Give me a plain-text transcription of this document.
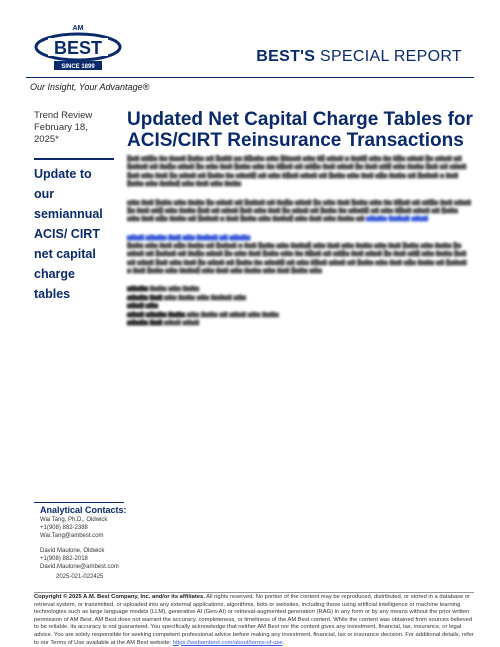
AM
BEST
SINCE 1899
BEST'S SPECIAL REPORT
Our Insight, Your Advantage®
Trend Review
February 18, 2025*
Update to our semiannual ACIS/ CIRT net capital charge tables
Updated Net Capital Charge Tables for ACIS/CIRT Reinsurance Transactions
█▆▇ ▆▇█▆ ▇▆ ▇▆▆▇ █▆▇▆ ▆▇ █▆▇▇ ▆▆ ▇█▆▇▆ ▆▇▆ █▇▆▆▇ ▆▇▆ ▇█ ▆▇▆▇ ▆ ▇▆▇█ ▆▇▆ ▇▆ ▇█▆ ▆▇▆▇ █▆ ▆▇▆▇ ▆▇ █▆▇▆▇ ▆▇ ▇▆█▆ ▆▇▆▇ █▆ ▆▇▆ ▇▆▇ █▆▇▆ ▆▇▆ ▇▆ ▇█▆▇ ▆▇ ▆▇█▆ ▇▆▇ ▆▇▆▇ █▆ ▇▆▇ ▆▇█ ▆▇▆ ▇▆▇▆ █▆▇ ▆▇ ▆▇▆▇ █▆▇ ▆▇▆ ▇▆▇ █▆ ▆▇▆▇ ▆▇ █▆▇▆ ▇▆ ▆▇▆▇█ ▆▇ ▆▇▆ ▇█▆▇ ▆▇▆▇ ▆▇ █▆▇▆ ▆▇▆ ▇▆▇ ▆█▆ ▇▆▇▆ ▆▇ █▆▇▆▇ ▆ ▇▆▇ █▆▇▆ ▆▇▆ ▇▆▇▆█ ▆▇▆ ▇▆▇ ▆▇▆ ▇▆▇▆
▆▇▆ ▇▆▇ █▆▇▆ ▆▇▆ ▇▆▇▆ █▆ ▆▇▆▇ ▆▇ █▆▇▆▇ ▆▇ ▇▆█▆ ▆▇▆▇ █▆ ▆▇▆ ▇▆▇ █▆▇▆ ▆▇▆ ▇▆ ▇█▆▇ ▆▇ ▆▇█▆ ▇▆▇ ▆▇▆▇ █▆ ▇▆▇ ▆▇█ ▆▇▆ ▇▆▇▆ █▆▇ ▆▇ ▆▇▆▇ █▆▇ ▆▇▆ ▇▆▇ █▆ ▆▇▆▇ ▆▇ █▆▇▆ ▇▆ ▆▇▆▇█ ▆▇ ▆▇▆ ▇█▆▇ ▆▇▆▇ ▆▇ █▆▇▆ ▆▇▆ ▇▆▇ ▆█▆ ▇▆▇▆ ▆▇ █▆▇▆▇ ▆ ▇▆▇ █▆▇▆ ▆▇▆ ▇▆▇▆█ ▆▇▆ ▇▆▇ ▆▇▆ ▇▆▇▆ ▆▇ ▆▇▆▇▆ ▇▆▇▆▇ ▆▇▆▇
▆▇▆▇ ▆▇▆▇▆ ▇▆▇ ▆▇▆ ▇▆▇▆▇ ▆▇ ▆▇▆▇▆
█▆▇▆ ▆▇▆ ▇▆▇ ▆█▆ ▇▆▇▆ ▆▇ █▆▇▆▇ ▆ ▇▆▇ █▆▇▆ ▆▇▆ ▇▆▇▆█ ▆▇▆ ▇▆▇ ▆▇▆ ▇▆▇▆ ▆▇▆ ▇▆▇ █▆▇▆ ▆▇▆ ▇▆▇▆ █▆ ▆▇▆▇ ▆▇ █▆▇▆▇ ▆▇ ▇▆█▆ ▆▇▆▇ █▆ ▆▇▆ ▇▆▇ █▆▇▆ ▆▇▆ ▇▆ ▇█▆▇ ▆▇ ▆▇█▆ ▇▆▇ ▆▇▆▇ █▆ ▇▆▇ ▆▇█ ▆▇▆ ▇▆▇▆ █▆▇ ▆▇ ▆▇▆▇ █▆▇ ▆▇▆ ▇▆▇ █▆ ▆▇▆▇ ▆▇ █▆▇▆ ▇▆ ▆▇▆▇█ ▆▇ ▆▇▆ ▇█▆▇ ▆▇▆▇ ▆▇ █▆▇▆ ▆▇▆ ▇▆▇ ▆█▆ ▇▆▇▆ ▆▇ █▆▇▆▇ ▆ ▇▆▇ █▆▇▆ ▆▇▆ ▇▆▇▆█ ▆▇▆ ▇▆▇ ▆▇▆ ▇▆▇▆ ▆▇▆ ▇▆▇ █▆▇▆ ▆▇▆
▆▇▆▇▆ ▇▆▇▆ ▆▇▆ ▇▆▇▆
▆▇▆▇▆ ▇▆▇ ▆▇▆ ▇▆▇▆ ▆▇▆ ▇▆▇▆▇ ▆▇▆
▆▇▆▇ ▆▇▆
▆▇▆▇ ▆▇▆▇▆ ▇▆▇▆ ▆▇▆ ▇▆▇▆ ▆▇ ▆▇▆▇ ▆▇▆ ▇▆▇▆
▆▇▆▇▆ ▇▆▇ ▆▇▆▇ ▆▇▆▇
Analytical Contacts:
Wai Tang, Ph.D., Oldwick
+1(908) 882-2388
Wai.Tang@ambest.com
David Maulone, Oldwick
+1(908) 882-2018
David.Maulone@ambest.com
2025-021-022425
Copyright © 2025 A.M. Best Company, Inc. and/or its affiliates. All rights reserved. No portion of the content may be reproduced, distributed, or stored in a database or retrieval system, or transmitted, or uploaded into any external applications, algorithms, bots or websites, including those using artificial intelligence or machine learning technologies such as large language models (LLM), generative AI (Gen-AI) or retrieval-augmented generation (RAG) in any form or by any means without the prior written permission of AM Best. AM Best does not warrant the accuracy, completeness, or timeliness of the AM Best content. While the content was obtained from sources believed to be reliable, its accuracy is not guaranteed. You specifically acknowledge that neither AM Best nor the content gives any investment, financial, tax, insurance, or legal advice. You are solely responsible for seeking competent professional advice before making any investment, financial, tax or insurance decision. For additional details, refer to our Terms of Use available at the AM Best website: https://webambest.com/about/terms-of-use.
